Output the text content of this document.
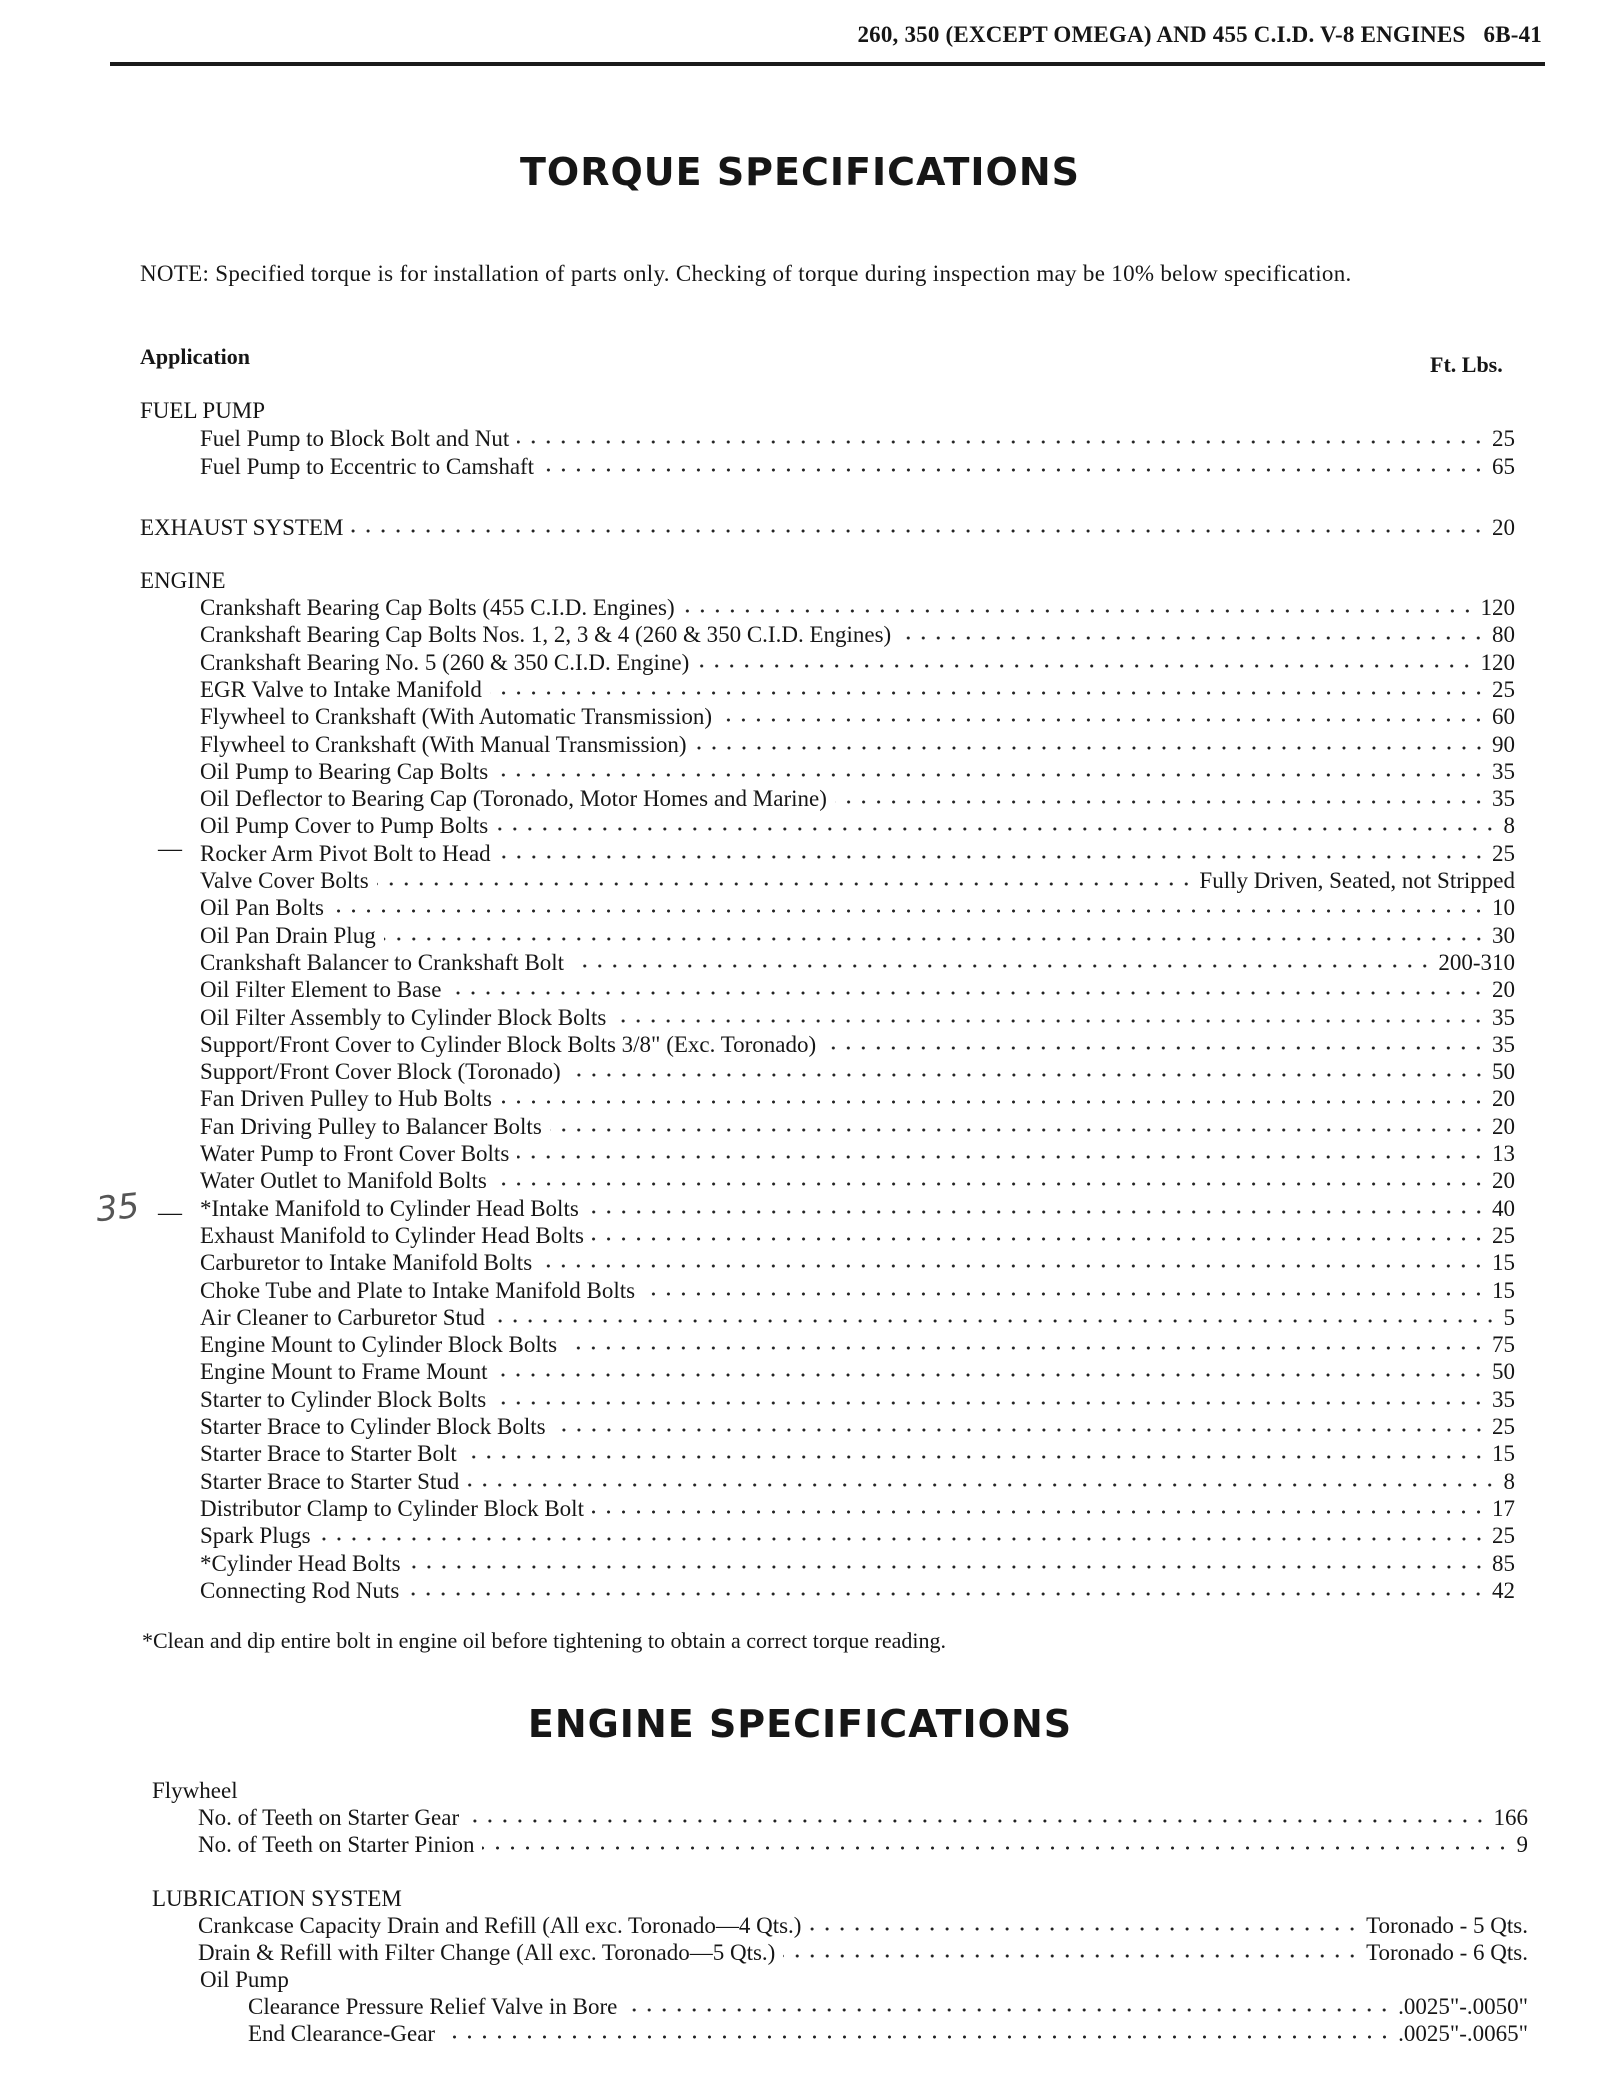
260, 350 (EXCEPT OMEGA) AND 455 C.I.D. V-8 ENGINES 6B-41
TORQUE SPECIFICATIONS
NOTE: Specified torque is for installation of parts only. Checking of torque during inspection may be 10% below specification.
Application	Ft. Lbs.
FUEL PUMP
Fuel Pump to Block Bolt and Nut	25
Fuel Pump to Eccentric to Camshaft	65
EXHAUST SYSTEM	20
ENGINE
Crankshaft Bearing Cap Bolts (455 C.I.D. Engines)	120
Crankshaft Bearing Cap Bolts Nos. 1, 2, 3 & 4 (260 & 350 C.I.D. Engines)	80
Crankshaft Bearing No. 5 (260 & 350 C.I.D. Engine)	120
EGR Valve to Intake Manifold	25
Flywheel to Crankshaft (With Automatic Transmission)	60
Flywheel to Crankshaft (With Manual Transmission)	90
Oil Pump to Bearing Cap Bolts	35
Oil Deflector to Bearing Cap (Toronado, Motor Homes and Marine)	35
Oil Pump Cover to Pump Bolts	8
Rocker Arm Pivot Bolt to Head	25
Valve Cover Bolts	Fully Driven, Seated, not Stripped
Oil Pan Bolts	10
Oil Pan Drain Plug	30
Crankshaft Balancer to Crankshaft Bolt	200-310
Oil Filter Element to Base	20
Oil Filter Assembly to Cylinder Block Bolts	35
Support/Front Cover to Cylinder Block Bolts 3/8" (Exc. Toronado)	35
Support/Front Cover Block (Toronado)	50
Fan Driven Pulley to Hub Bolts	20
Fan Driving Pulley to Balancer Bolts	20
Water Pump to Front Cover Bolts	13
Water Outlet to Manifold Bolts	20
*Intake Manifold to Cylinder Head Bolts	40
Exhaust Manifold to Cylinder Head Bolts	25
Carburetor to Intake Manifold Bolts	15
Choke Tube and Plate to Intake Manifold Bolts	15
Air Cleaner to Carburetor Stud	5
Engine Mount to Cylinder Block Bolts	75
Engine Mount to Frame Mount	50
Starter to Cylinder Block Bolts	35
Starter Brace to Cylinder Block Bolts	25
Starter Brace to Starter Bolt	15
Starter Brace to Starter Stud	8
Distributor Clamp to Cylinder Block Bolt	17
Spark Plugs	25
*Cylinder Head Bolts	85
Connecting Rod Nuts	42
—
—
35
*Clean and dip entire bolt in engine oil before tightening to obtain a correct torque reading.
ENGINE SPECIFICATIONS
Flywheel
No. of Teeth on Starter Gear	166
No. of Teeth on Starter Pinion	9
LUBRICATION SYSTEM
Crankcase Capacity Drain and Refill (All exc. Toronado—4 Qts.)	Toronado - 5 Qts.
Drain & Refill with Filter Change (All exc. Toronado—5 Qts.)	Toronado - 6 Qts.
Oil Pump
Clearance Pressure Relief Valve in Bore	.0025"-.0050"
End Clearance-Gear	.0025"-.0065"
